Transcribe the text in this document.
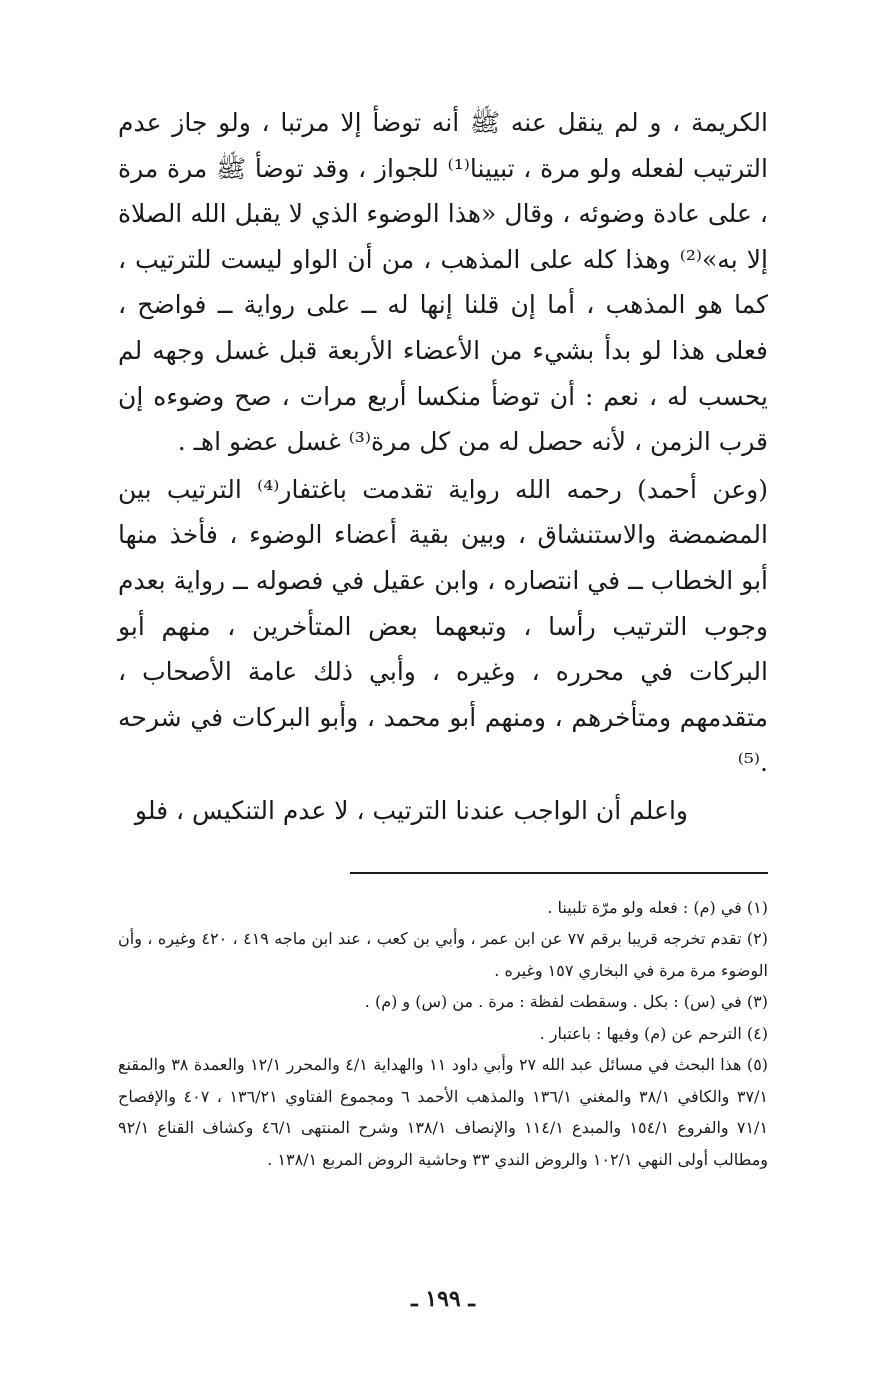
الكريمة ، و لم ينقل عنه ﷺ أنه توضأ إلا مرتبا ، ولو جاز عدم الترتيب لفعله ولو مرة ، تبيينا⁽¹⁾ للجواز ، وقد توضأ ﷺ مرة مرة ، على عادة وضوئه ، وقال «هذا الوضوء الذي لا يقبل الله الصلاة إلا به»⁽²⁾ وهذا كله على المذهب ، من أن الواو ليست للترتيب ، كما هو المذهب ، أما إن قلنا إنها له ــ على رواية ــ فواضح ، فعلى هذا لو بدأ بشيء من الأعضاء الأربعة قبل غسل وجهه لم يحسب له ، نعم : أن توضأ منكسا أربع مرات ، صح وضوءه إن قرب الزمن ، لأنه حصل له من كل مرة⁽³⁾ غسل عضو اهـ .

(وعن أحمد) رحمه الله رواية تقدمت باغتفار⁽⁴⁾ الترتيب بين المضمضة والاستنشاق ، وبين بقية أعضاء الوضوء ، فأخذ منها أبو الخطاب ــ في انتصاره ، وابن عقيل في فصوله ــ رواية بعدم وجوب الترتيب رأسا ، وتبعهما بعض المتأخرين ، منهم أبو البركات في محرره ، وغيره ، وأبي ذلك عامة الأصحاب ، متقدمهم ومتأخرهم ، ومنهم أبو محمد ، وأبو البركات في شرحه .⁽⁵⁾

واعلم أن الواجب عندنا الترتيب ، لا عدم التنكيس ، فلو

(١) في (م) : فعله ولو مرّة تلبينا .

(٢) تقدم تخرجه قريبا برقم ٧٧ عن ابن عمر ، وأبي بن كعب ، عند ابن ماجه ٤١٩ ، ٤٢٠ وغيره ، وأن الوضوء مرة مرة في البخاري ١٥٧ وغيره .

(٣) في (س) : بكل . وسقطت لفظة : مرة . من (س) و (م) .

(٤) الترحم عن (م) وفيها : باعتبار .

(٥) هذا البحث في مسائل عبد الله ٢٧ وأبي داود ١١ والهداية ٤/١ والمحرر ١٢/١ والعمدة ٣٨ والمقنع ٣٧/١ والكافي ٣٨/١ والمغني ١٣٦/١ والمذهب الأحمد ٦ ومجموع الفتاوي ١٣٦/٢١ ، ٤٠٧ والإفصاح ٧١/١ والفروع ١٥٤/١ والمبدع ١١٤/١ والإنصاف ١٣٨/١ وشرح المنتهى ٤٦/١ وكشاف القناع ٩٢/١ ومطالب أولى النهي ١٠٢/١ والروض الندي ٣٣ وحاشية الروض المربع ١٣٨/١ .

ـ ١٩٩ ـ
